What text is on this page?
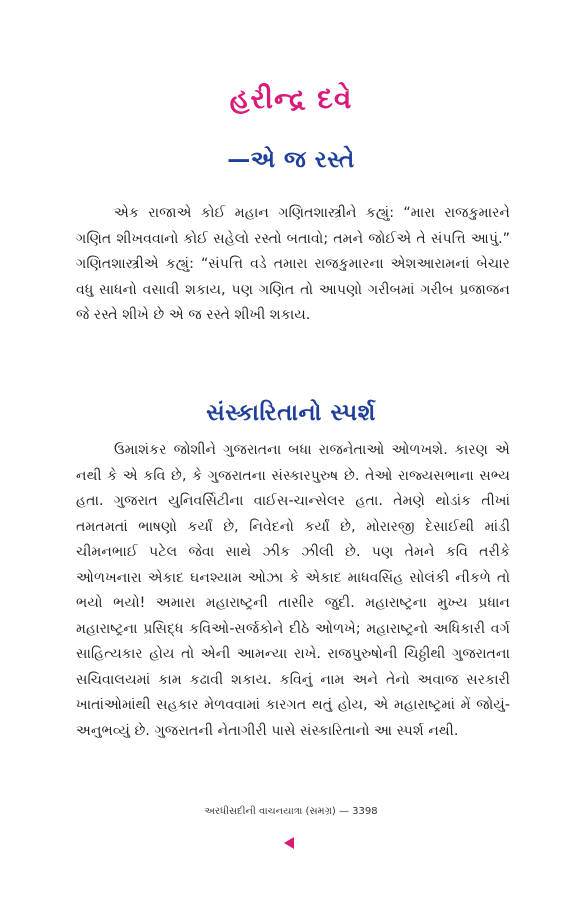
હરીન્દ્ર દવે
—એ જ રસ્તે

એક રાજાએ કોઈ મહાન ગણિતશાસ્ત્રીને કહ્યું: “મારા રાજકુમારને ગણિત શીખવવાનો કોઈ સહેલો રસ્તો બતાવો; તમને જોઈએ તે સંપત્તિ આપું.” ગણિતશાસ્ત્રીએ કહ્યું: “સંપત્તિ વડે તમારા રાજકુમારના એશઆરામનાં બેચાર વધુ સાધનો વસાવી શકાય, પણ ગણિત તો આપણો ગરીબમાં ગરીબ પ્રજાજન જે રસ્તે શીખે છે એ જ રસ્તે શીખી શકાય.

સંસ્કારિતાનો સ્પર્શ

ઉમાશંકર જોશીને ગુજરાતના બધા રાજનેતાઓ ઓળખશે. કારણ એ નથી કે એ કવિ છે, કે ગુજરાતના સંસ્કારપુરુષ છે. તેઓ રાજ્યસભાના સભ્ય હતા. ગુજરાત યુનિવર્સિટીના વાઈસ-ચાન્સેલર હતા. તેમણે થોડાંક તીખાં તમતમતાં ભાષણો કર્યાં છે, નિવેદનો કર્યાં છે, મોરારજી દેસાઈથી માંડી ચીમનભાઈ પટેલ જેવા સાથે ઝીક ઝીલી છે. પણ તેમને કવિ તરીકે ઓળખનારા એકાદ ઘનશ્યામ ઓઝા કે એકાદ માધવસિંહ સોલંકી નીકળે તો ભયો ભયો! અમારા મહારાષ્ટ્રની તાસીર જુદી. મહારાષ્ટ્રના મુખ્ય પ્રધાન મહારાષ્ટ્રના પ્રસિદ્ધ કવિઓ-સર્જકોને દીઠે ઓળખે; મહારાષ્ટ્રનો અધિકારી વર્ગ સાહિત્યકાર હોય તો એની આમન્યા રાખે. રાજપુરુષોની ચિઠ્ઠીથી ગુજરાતના સચિવાલયમાં કામ કઢાવી શકાય. કવિનું નામ અને તેનો અવાજ સરકારી ખાતાંઓમાંથી સહકાર મેળવવામાં કારગત થતું હોય, એ મહારાષ્ટ્રમાં મેં જોયું-અનુભવ્યું છે. ગુજરાતની નેતાગીરી પાસે સંસ્કારિતાનો આ સ્પર્શ નથી.

અરધીસદીની વાચનયાત્રા (સમગ્ર) — 3398
